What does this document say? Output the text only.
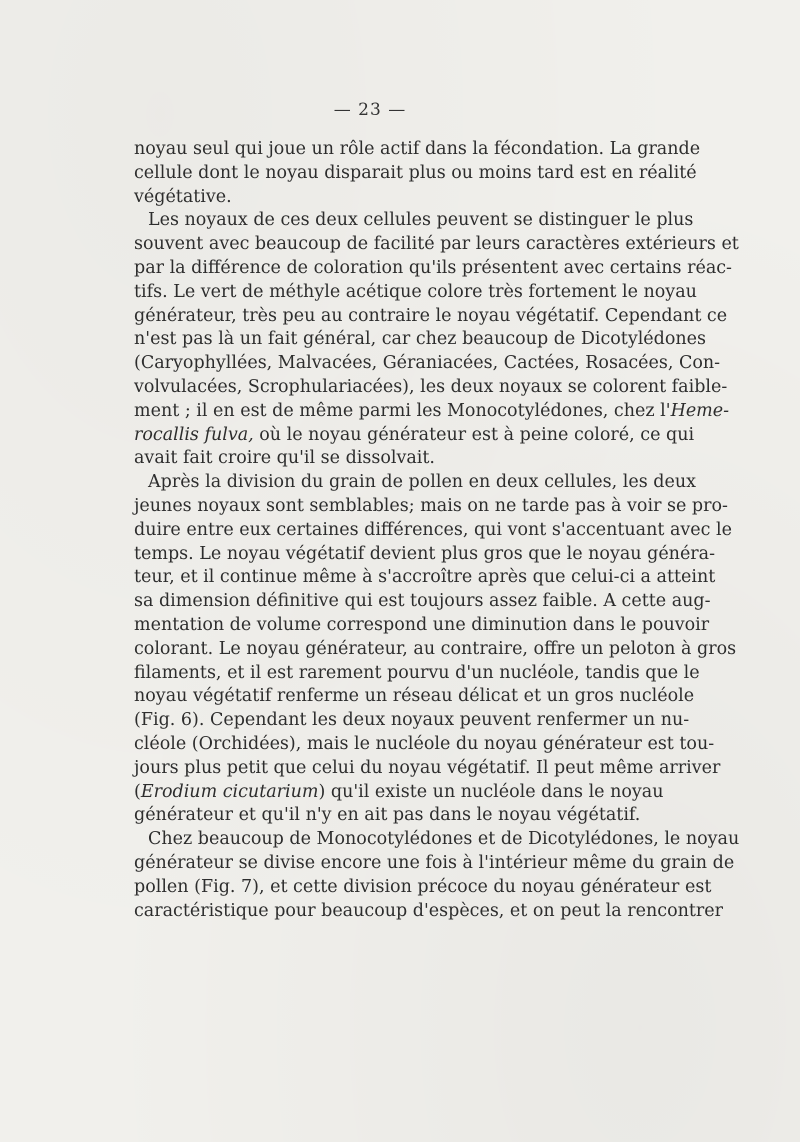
— 23 —
noyau seul qui joue un rôle actif dans la fécondation. La grande
cellule dont le noyau disparait plus ou moins tard est en réalité
végétative.
Les noyaux de ces deux cellules peuvent se distinguer le plus
souvent avec beaucoup de facilité par leurs caractères extérieurs et
par la différence de coloration qu'ils présentent avec certains réac-
tifs. Le vert de méthyle acétique colore très fortement le noyau
générateur, très peu au contraire le noyau végétatif. Cependant ce
n'est pas là un fait général, car chez beaucoup de Dicotylédones
(Caryophyllées, Malvacées, Géraniacées, Cactées, Rosacées, Con-
volvulacées, Scrophulariacées), les deux noyaux se colorent faible-
ment ; il en est de même parmi les Monocotylédones, chez l'Heme-
rocallis fulva, où le noyau générateur est à peine coloré, ce qui
avait fait croire qu'il se dissolvait.
Après la division du grain de pollen en deux cellules, les deux
jeunes noyaux sont semblables; mais on ne tarde pas à voir se pro-
duire entre eux certaines différences, qui vont s'accentuant avec le
temps. Le noyau végétatif devient plus gros que le noyau généra-
teur, et il continue même à s'accroître après que celui-ci a atteint
sa dimension définitive qui est toujours assez faible. A cette aug-
mentation de volume correspond une diminution dans le pouvoir
colorant. Le noyau générateur, au contraire, offre un peloton à gros
filaments, et il est rarement pourvu d'un nucléole, tandis que le
noyau végétatif renferme un réseau délicat et un gros nucléole
(Fig. 6). Cependant les deux noyaux peuvent renfermer un nu-
cléole (Orchidées), mais le nucléole du noyau générateur est tou-
jours plus petit que celui du noyau végétatif. Il peut même arriver
(Erodium cicutarium) qu'il existe un nucléole dans le noyau
générateur et qu'il n'y en ait pas dans le noyau végétatif.
Chez beaucoup de Monocotylédones et de Dicotylédones, le noyau
générateur se divise encore une fois à l'intérieur même du grain de
pollen (Fig. 7), et cette division précoce du noyau générateur est
caractéristique pour beaucoup d'espèces, et on peut la rencontrer
